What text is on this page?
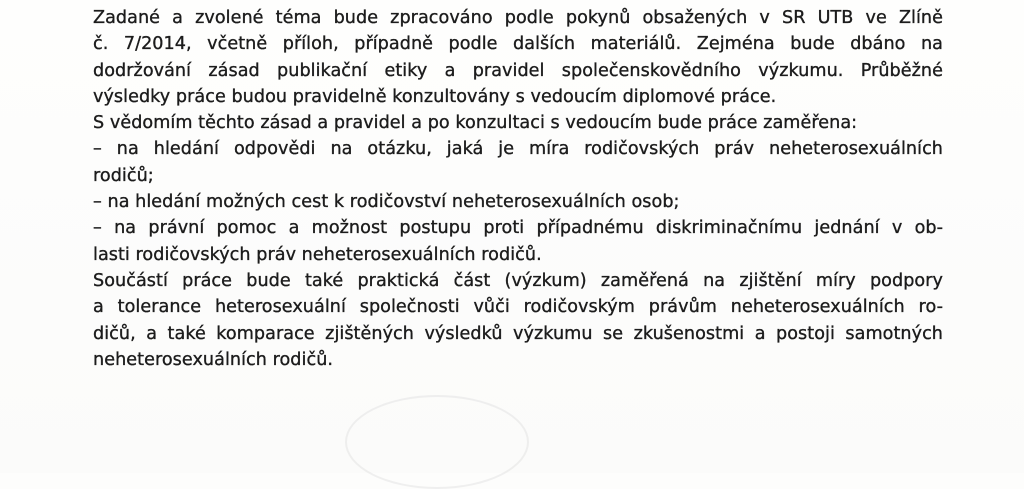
Zadané a zvolené téma bude zpracováno podle pokynů obsažených v SR UTB ve Zlíně
č. 7/2014, včetně příloh, případně podle dalších materiálů. Zejména bude dbáno na
dodržování zásad publikační etiky a pravidel společenskovědního výzkumu. Průběžné
výsledky práce budou pravidelně konzultovány s vedoucím diplomové práce.
S vědomím těchto zásad a pravidel a po konzultaci s vedoucím bude práce zaměřena:
– na hledání odpovědi na otázku, jaká je míra rodičovských práv neheterosexuálních
rodičů;
– na hledání možných cest k rodičovství neheterosexuálních osob;
– na právní pomoc a možnost postupu proti případnému diskriminačnímu jednání v ob-
lasti rodičovských práv neheterosexuálních rodičů.
Součástí práce bude také praktická část (výzkum) zaměřená na zjištění míry podpory
a tolerance heterosexuální společnosti vůči rodičovským právům neheterosexuálních ro-
dičů, a také komparace zjištěných výsledků výzkumu se zkušenostmi a postoji samotných
neheterosexuálních rodičů.
